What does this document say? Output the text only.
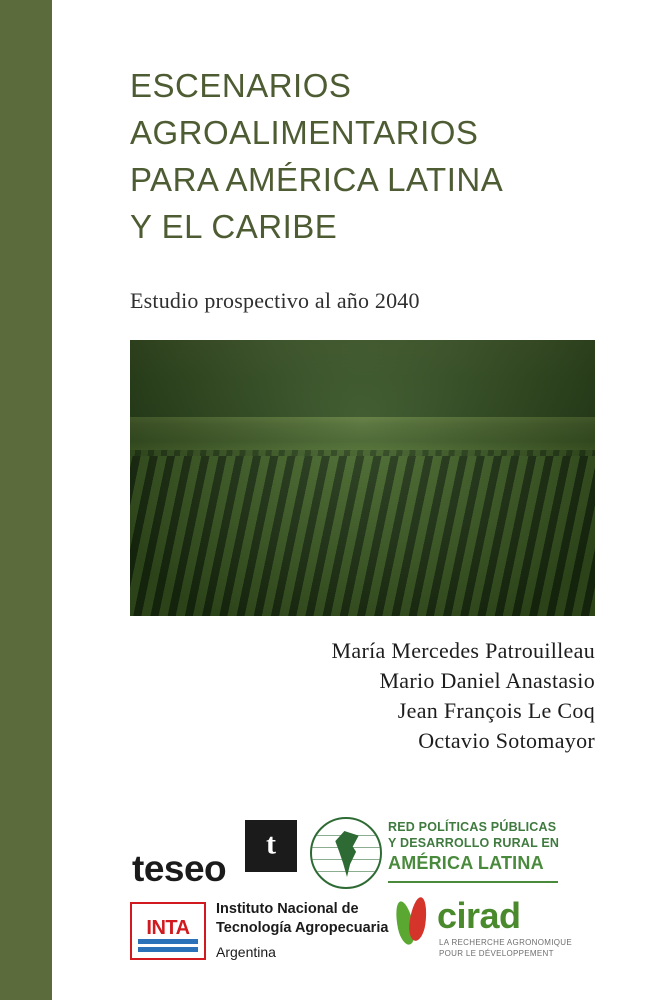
ESCENARIOS
AGROALIMENTARIOS
PARA AMÉRICA LATINA
Y EL CARIBE
Estudio prospectivo al año 2040
María Mercedes Patrouilleau
Mario Daniel Anastasio
Jean François Le Coq
Octavio Sotomayor
t
teseo
RED POLÍTICAS PÚBLICAS
Y DESARROLLO RURAL EN
AMÉRICA LATINA
INTA
Instituto Nacional de
Tecnología Agropecuaria
Argentina
cirad
LA RECHERCHE AGRONOMIQUE
POUR LE DÉVELOPPEMENT
